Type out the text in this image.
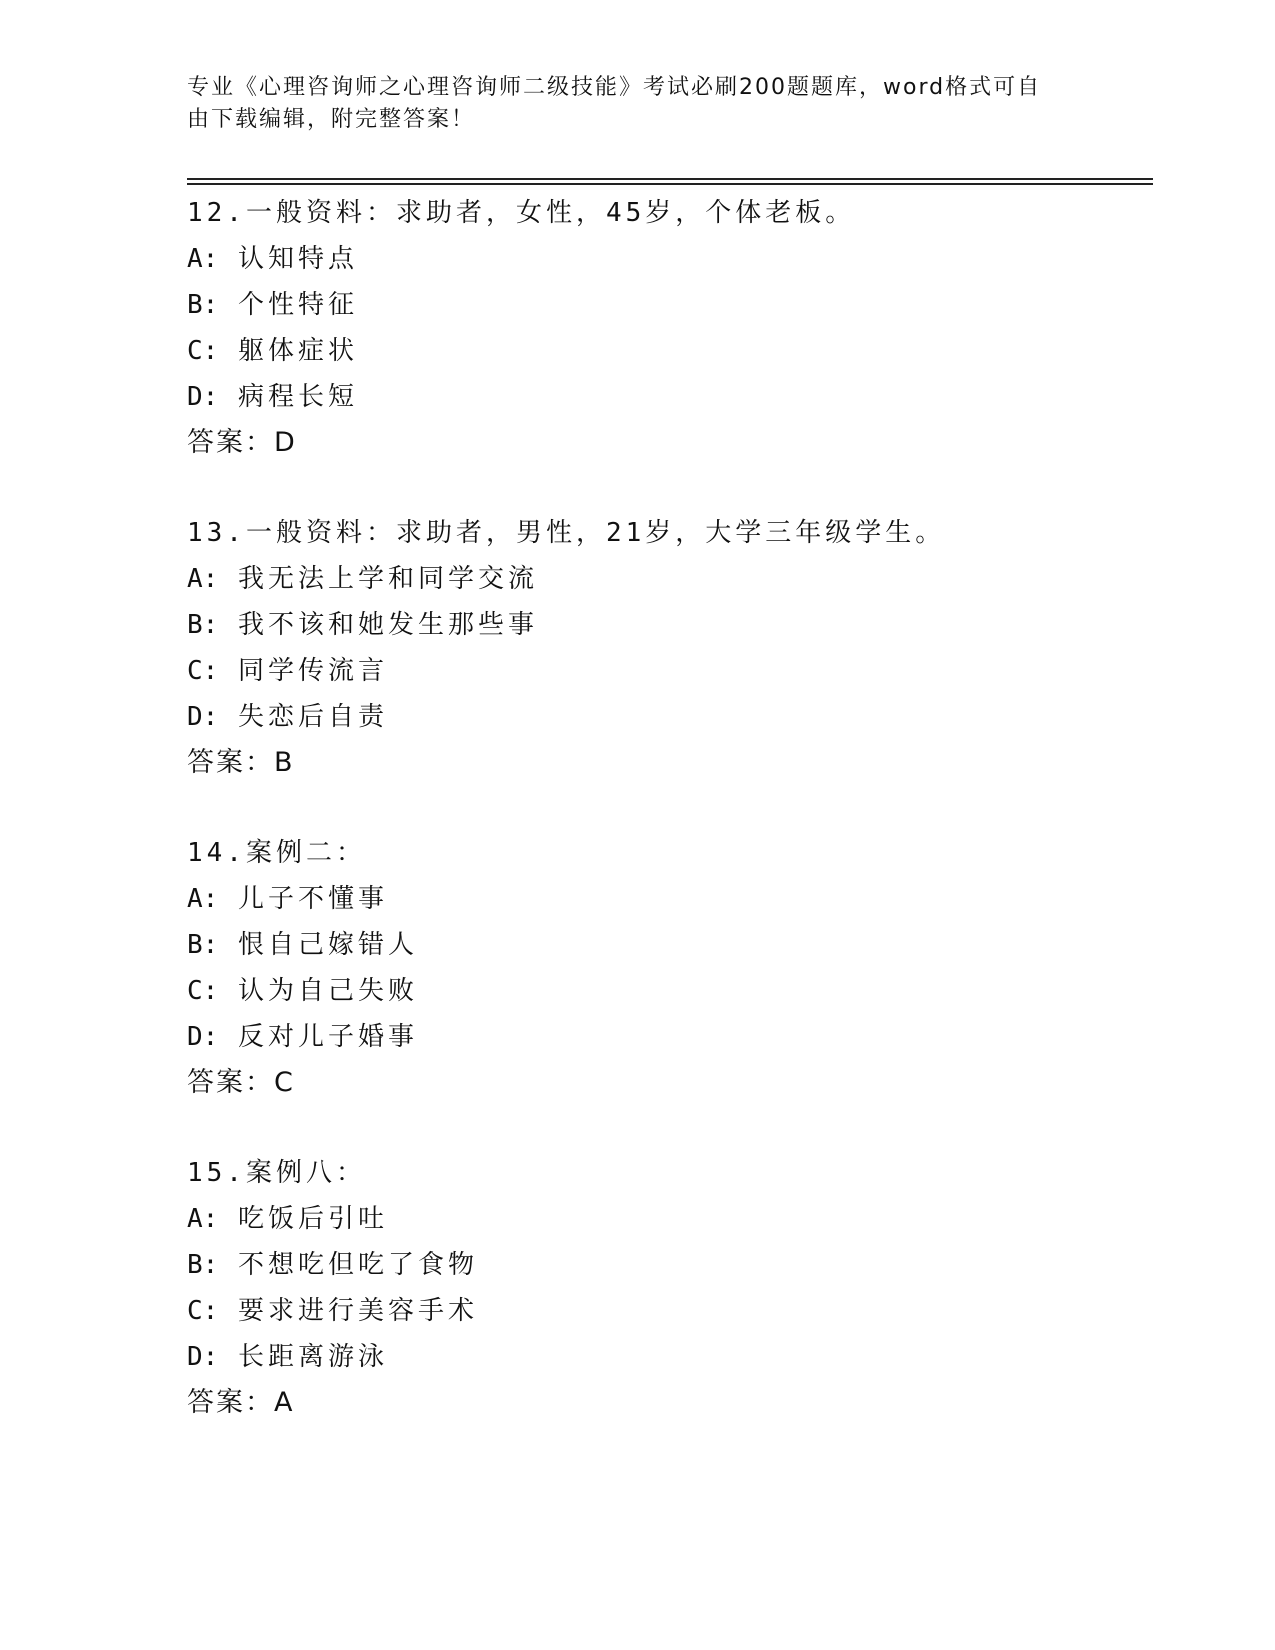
专业《心理咨询师之心理咨询师二级技能》考试必刷200题题库，word格式可自
由下载编辑，附完整答案！
12.一般资料：求助者，女性，45岁，个体老板。
A: 认知特点
B: 个性特征
C: 躯体症状
D: 病程长短
答案：D
13.一般资料：求助者，男性，21岁，大学三年级学生。
A: 我无法上学和同学交流
B: 我不该和她发生那些事
C: 同学传流言
D: 失恋后自责
答案：B
14.案例二：
A: 儿子不懂事
B: 恨自己嫁错人
C: 认为自己失败
D: 反对儿子婚事
答案：C
15.案例八：
A: 吃饭后引吐
B: 不想吃但吃了食物
C: 要求进行美容手术
D: 长距离游泳
答案：A
